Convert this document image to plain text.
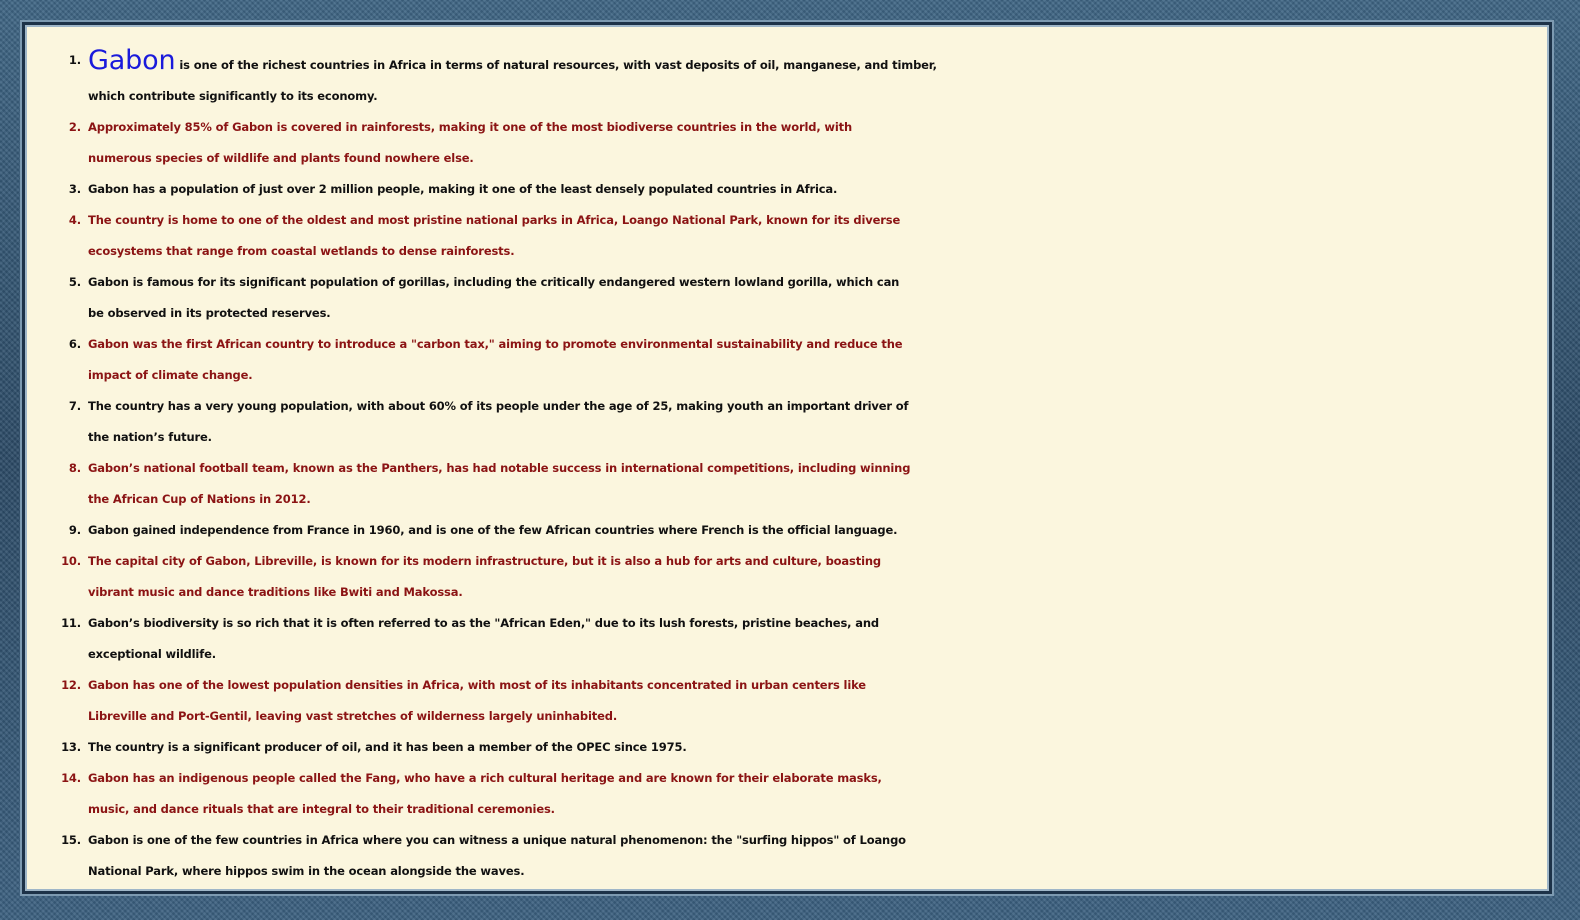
1. Gabon is one of the richest countries in Africa in terms of natural resources, with vast deposits of oil, manganese, and timber,
which contribute significantly to its economy.
2. Approximately 85% of Gabon is covered in rainforests, making it one of the most biodiverse countries in the world, with
numerous species of wildlife and plants found nowhere else.
3. Gabon has a population of just over 2 million people, making it one of the least densely populated countries in Africa.
4. The country is home to one of the oldest and most pristine national parks in Africa, Loango National Park, known for its diverse
ecosystems that range from coastal wetlands to dense rainforests.
5. Gabon is famous for its significant population of gorillas, including the critically endangered western lowland gorilla, which can
be observed in its protected reserves.
6. Gabon was the first African country to introduce a "carbon tax," aiming to promote environmental sustainability and reduce the
impact of climate change.
7. The country has a very young population, with about 60% of its people under the age of 25, making youth an important driver of
the nation’s future.
8. Gabon’s national football team, known as the Panthers, has had notable success in international competitions, including winning
the African Cup of Nations in 2012.
9. Gabon gained independence from France in 1960, and is one of the few African countries where French is the official language.
10. The capital city of Gabon, Libreville, is known for its modern infrastructure, but it is also a hub for arts and culture, boasting
vibrant music and dance traditions like Bwiti and Makossa.
11. Gabon’s biodiversity is so rich that it is often referred to as the "African Eden," due to its lush forests, pristine beaches, and
exceptional wildlife.
12. Gabon has one of the lowest population densities in Africa, with most of its inhabitants concentrated in urban centers like
Libreville and Port-Gentil, leaving vast stretches of wilderness largely uninhabited.
13. The country is a significant producer of oil, and it has been a member of the OPEC since 1975.
14. Gabon has an indigenous people called the Fang, who have a rich cultural heritage and are known for their elaborate masks,
music, and dance rituals that are integral to their traditional ceremonies.
15. Gabon is one of the few countries in Africa where you can witness a unique natural phenomenon: the "surfing hippos" of Loango
National Park, where hippos swim in the ocean alongside the waves.
